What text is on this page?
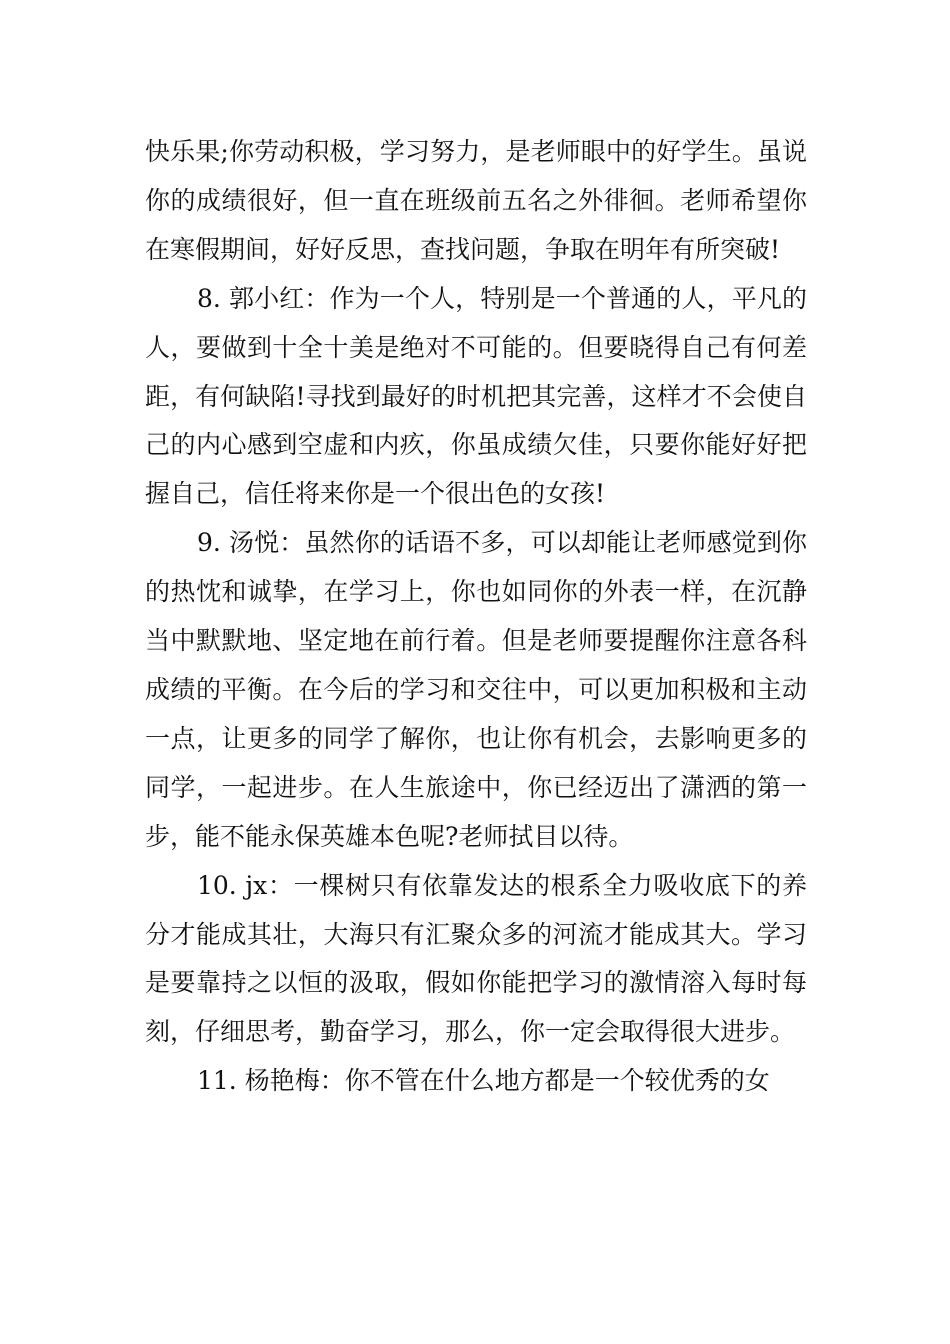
快乐果;你劳动积极，学习努力，是老师眼中的好学生。虽说你的成绩很好，但一直在班级前五名之外徘徊。老师希望你在寒假期间，好好反思，查找问题，争取在明年有所突破!

8. 郭小红：作为一个人，特别是一个普通的人，平凡的人，要做到十全十美是绝对不可能的。但要晓得自己有何差距，有何缺陷!寻找到最好的时机把其完善，这样才不会使自己的内心感到空虚和内疚，你虽成绩欠佳，只要你能好好把握自己，信任将来你是一个很出色的女孩!

9. 汤悦：虽然你的话语不多，可以却能让老师感觉到你的热忱和诚挚，在学习上，你也如同你的外表一样，在沉静当中默默地、坚定地在前行着。但是老师要提醒你注意各科成绩的平衡。在今后的学习和交往中，可以更加积极和主动一点，让更多的同学了解你，也让你有机会，去影响更多的同学，一起进步。在人生旅途中，你已经迈出了潇洒的第一步，能不能永保英雄本色呢?老师拭目以待。

10. jx：一棵树只有依靠发达的根系全力吸收底下的养分才能成其壮，大海只有汇聚众多的河流才能成其大。学习是要靠持之以恒的汲取，假如你能把学习的激情溶入每时每刻，仔细思考，勤奋学习，那么，你一定会取得很大进步。

11. 杨艳梅：你不管在什么地方都是一个较优秀的女
